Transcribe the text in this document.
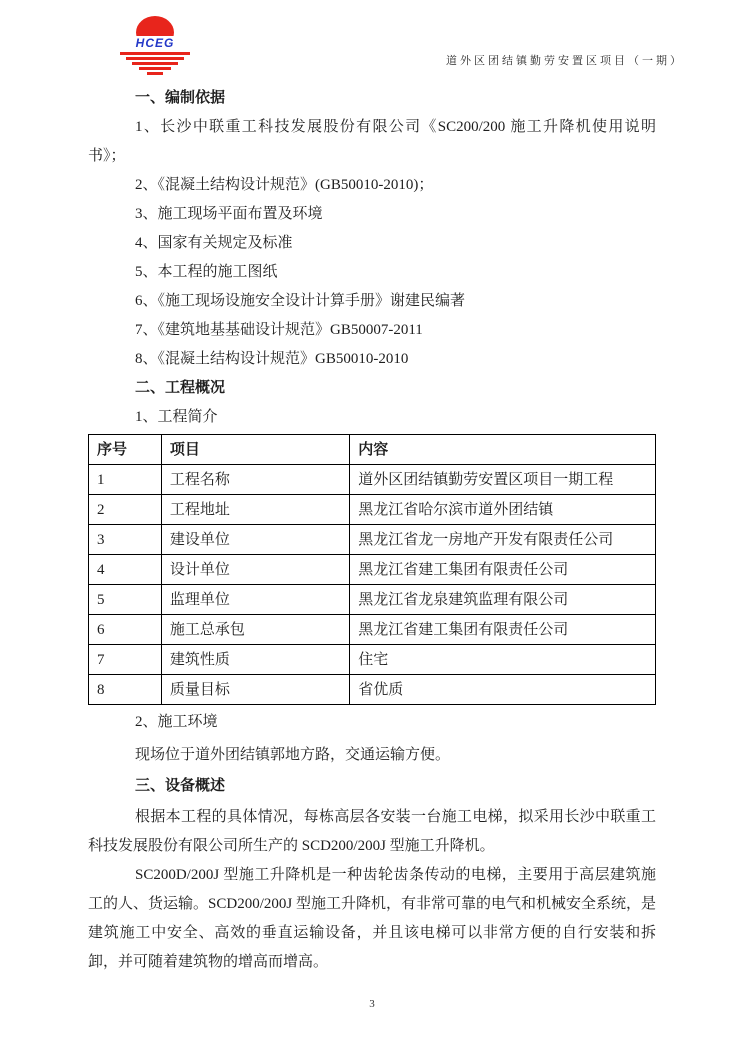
HCEG
道外区团结镇勤劳安置区项目（一期）
一、编制依据
1、长沙中联重工科技发展股份有限公司《SC200/200 施工升降机使用说明书》；
2、《混凝土结构设计规范》(GB50010-2010)；
3、施工现场平面布置及环境
4、国家有关规定及标准
5、本工程的施工图纸
6、《施工现场设施安全设计计算手册》谢建民编著
7、《建筑地基基础设计规范》GB50007-2011
8、《混凝土结构设计规范》GB50010-2010
二、工程概况
1、工程简介
序号	项目	内容
1	工程名称	道外区团结镇勤劳安置区项目一期工程
2	工程地址	黑龙江省哈尔滨市道外团结镇
3	建设单位	黑龙江省龙一房地产开发有限责任公司
4	设计单位	黑龙江省建工集团有限责任公司
5	监理单位	黑龙江省龙泉建筑监理有限公司
6	施工总承包	黑龙江省建工集团有限责任公司
7	建筑性质	住宅
8	质量目标	省优质
2、施工环境
现场位于道外团结镇郭地方路，交通运输方便。
三、设备概述
根据本工程的具体情况，每栋高层各安装一台施工电梯，拟采用长沙中联重工科技发展股份有限公司所生产的 SCD200/200J 型施工升降机。
SC200D/200J 型施工升降机是一种齿轮齿条传动的电梯，主要用于高层建筑施工的人、货运输。SCD200/200J 型施工升降机，有非常可靠的电气和机械安全系统，是建筑施工中安全、高效的垂直运输设备，并且该电梯可以非常方便的自行安装和拆卸，并可随着建筑物的增高而增高。
3
